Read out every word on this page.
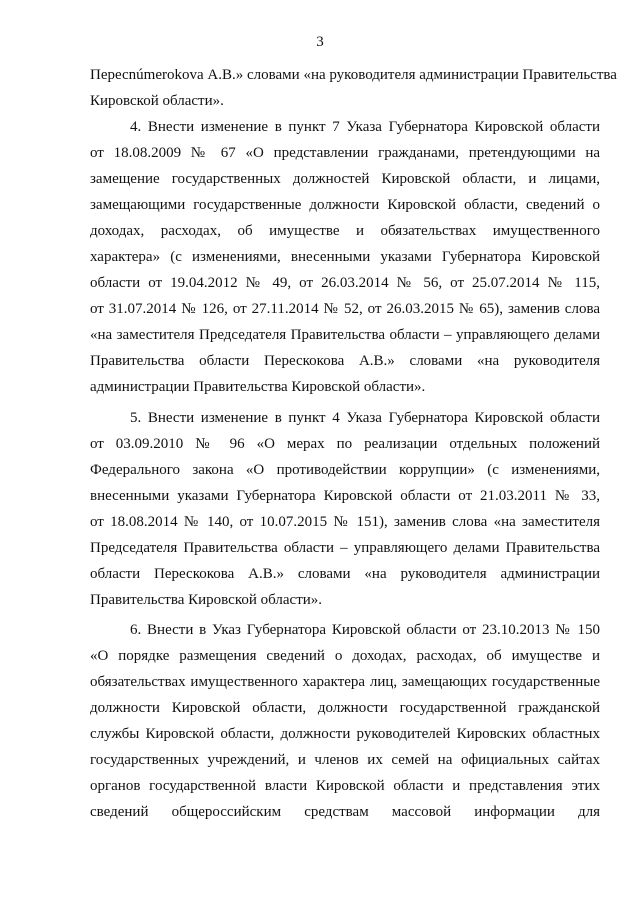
3
Пересnúmerokova А.В.» словами «на руководителя администрации Правительства
Кировской области».
4. Внести изменение в пункт 7 Указа Губернатора Кировской области
от 18.08.2009 № 67 «О представлении гражданами, претендующими на
замещение государственных должностей Кировской области, и лицами,
замещающими государственные должности Кировской области, сведений о
доходах, расходах, об имуществе и обязательствах имущественного
характера» (с изменениями, внесенными указами Губернатора Кировской
области от 19.04.2012 № 49, от 26.03.2014 № 56, от 25.07.2014 № 115,
от 31.07.2014 № 126, от 27.11.2014 № 52, от 26.03.2015 № 65), заменив слова
«на заместителя Председателя Правительства области – управляющего делами
Правительства области Перескокова А.В.» словами «на руководителя
администрации Правительства Кировской области».
5. Внести изменение в пункт 4 Указа Губернатора Кировской области
от 03.09.2010 № 96 «О мерах по реализации отдельных положений
Федерального закона «О противодействии коррупции» (с изменениями,
внесенными указами Губернатора Кировской области от 21.03.2011 № 33,
от 18.08.2014 № 140, от 10.07.2015 № 151), заменив слова «на заместителя
Председателя Правительства области – управляющего делами Правительства
области Перескокова А.В.» словами «на руководителя администрации
Правительства Кировской области».
6. Внести в Указ Губернатора Кировской области от 23.10.2013 № 150
«О порядке размещения сведений о доходах, расходах, об имуществе и
обязательствах имущественного характера лиц, замещающих государственные
должности Кировской области, должности государственной гражданской
службы Кировской области, должности руководителей Кировских областных
государственных учреждений, и членов их семей на официальных сайтах
органов государственной власти Кировской области и представления этих
сведений общероссийским средствам массовой информации для
